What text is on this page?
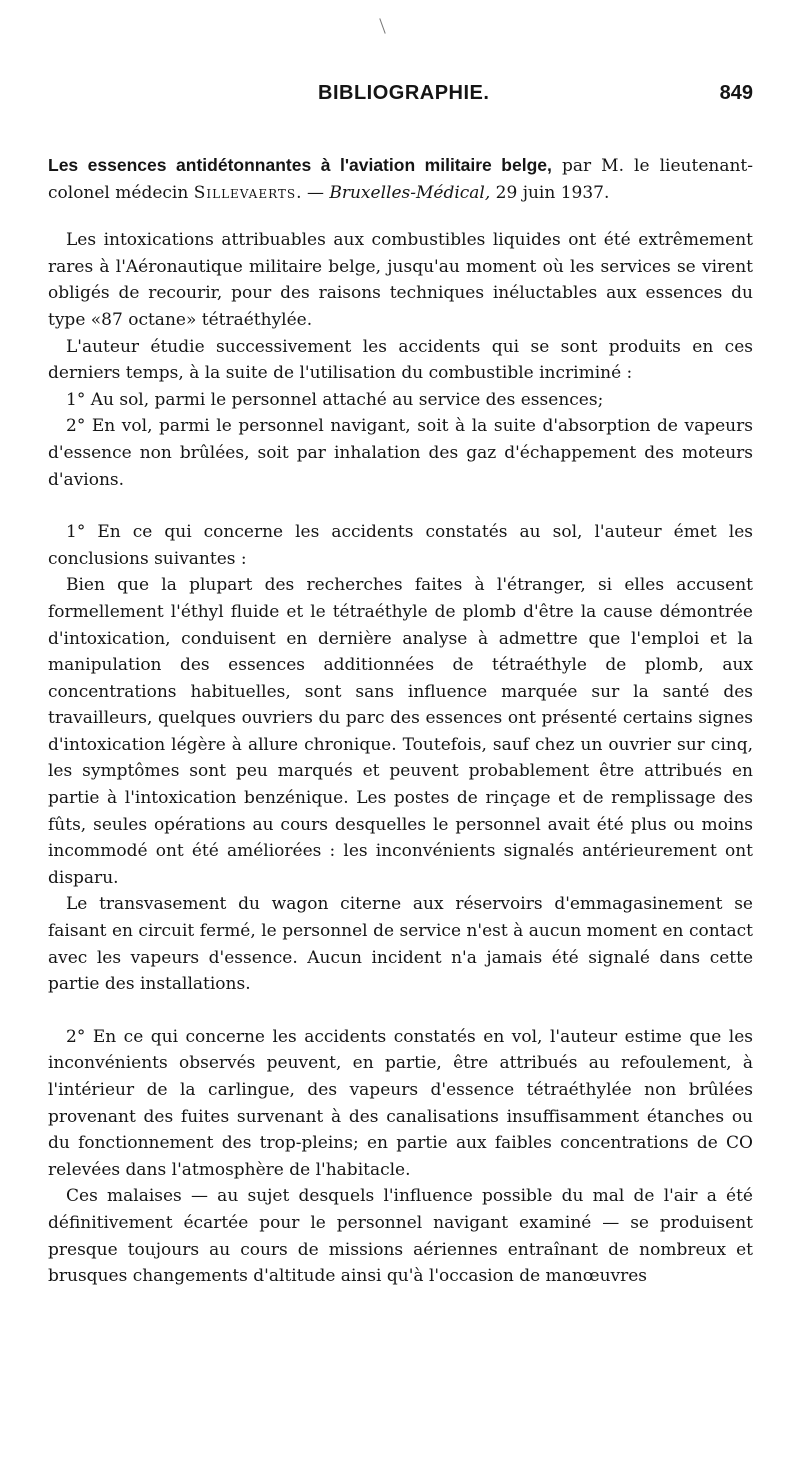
BIBLIOGRAPHIE.	849
Les essences antidétonnantes à l'aviation militaire belge, par M. le lieutenant-colonel médecin Sillevaerts. — Bruxelles-Médical, 29 juin 1937.

Les intoxications attribuables aux combustibles liquides ont été extrêmement rares à l'Aéronautique militaire belge, jusqu'au moment où les services se virent obligés de recourir, pour des raisons techniques inéluctables aux essences du type «87 octane» tétraéthylée.

L'auteur étudie successivement les accidents qui se sont produits en ces derniers temps, à la suite de l'utilisation du combustible incriminé :

1° Au sol, parmi le personnel attaché au service des essences;

2° En vol, parmi le personnel navigant, soit à la suite d'absorption de vapeurs d'essence non brûlées, soit par inhalation des gaz d'échappement des moteurs d'avions.

1° En ce qui concerne les accidents constatés au sol, l'auteur émet les conclusions suivantes :

Bien que la plupart des recherches faites à l'étranger, si elles accusent formellement l'éthyl fluide et le tétraéthyle de plomb d'être la cause démontrée d'intoxication, conduisent en dernière analyse à admettre que l'emploi et la manipulation des essences additionnées de tétraéthyle de plomb, aux concentrations habituelles, sont sans influence marquée sur la santé des travailleurs, quelques ouvriers du parc des essences ont présenté certains signes d'intoxication légère à allure chronique. Toutefois, sauf chez un ouvrier sur cinq, les symptômes sont peu marqués et peuvent probablement être attribués en partie à l'intoxication benzénique. Les postes de rinçage et de remplissage des fûts, seules opérations au cours desquelles le personnel avait été plus ou moins incommodé ont été améliorées : les inconvénients signalés antérieurement ont disparu.

Le transvasement du wagon citerne aux réservoirs d'emmagasinement se faisant en circuit fermé, le personnel de service n'est à aucun moment en contact avec les vapeurs d'essence. Aucun incident n'a jamais été signalé dans cette partie des installations.

2° En ce qui concerne les accidents constatés en vol, l'auteur estime que les inconvénients observés peuvent, en partie, être attribués au refoulement, à l'intérieur de la carlingue, des vapeurs d'essence tétraéthylée non brûlées provenant des fuites survenant à des canalisations insuffisamment étanches ou du fonctionnement des trop-pleins; en partie aux faibles concentrations de CO relevées dans l'atmosphère de l'habitacle.

Ces malaises — au sujet desquels l'influence possible du mal de l'air a été définitivement écartée pour le personnel navigant examiné — se produisent presque toujours au cours de missions aériennes entraînant de nombreux et brusques changements d'altitude ainsi qu'à l'occasion de manœuvres
